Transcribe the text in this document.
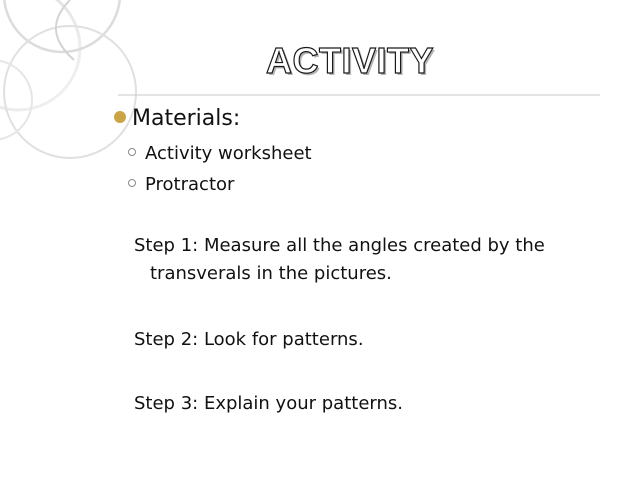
ACTIVITY
Materials:
Activity worksheet
Protractor
Step 1: Measure all the angles created by the
transverals in the pictures.
Step 2: Look for patterns.
Step 3: Explain your patterns.
